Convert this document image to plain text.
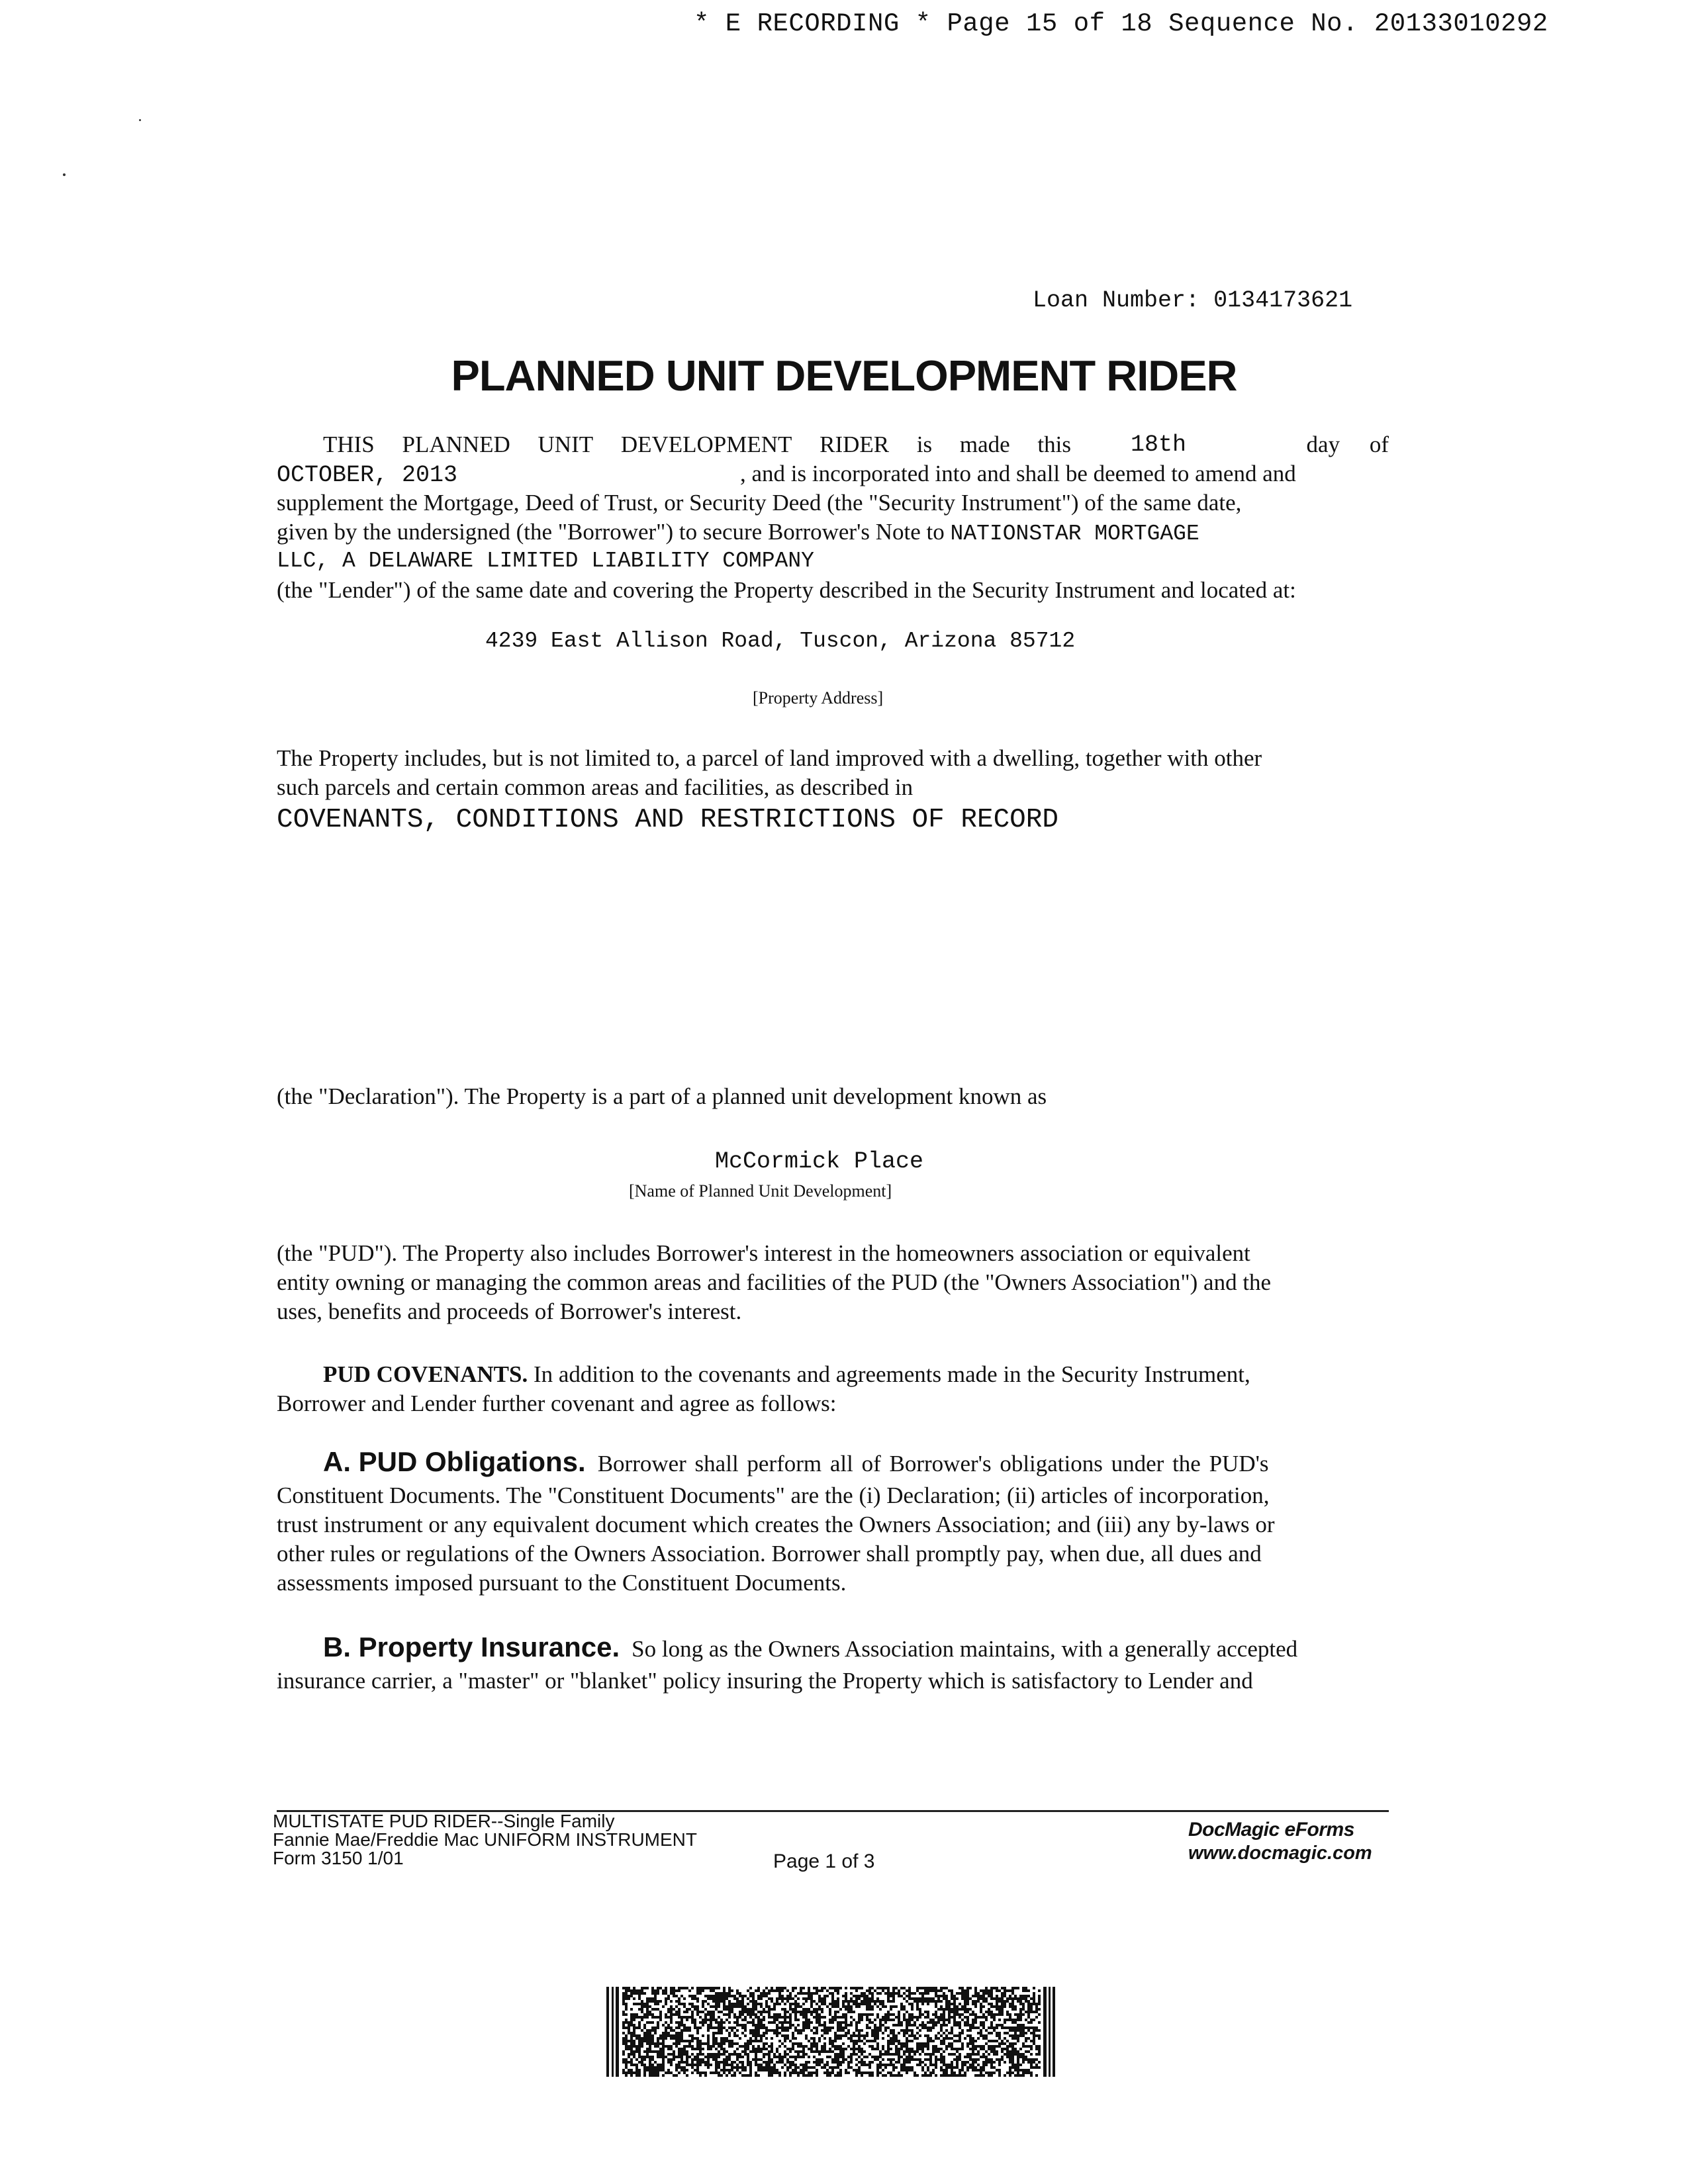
* E RECORDING * Page 15 of 18 Sequence No. 20133010292
Loan Number: 0134173621
PLANNED UNIT DEVELOPMENT RIDER
THIS PLANNED UNIT DEVELOPMENT RIDER is made this	18th	day of
OCTOBER, 2013	, and is incorporated into and shall be deemed to amend and
supplement the Mortgage, Deed of Trust, or Security Deed (the "Security Instrument") of the same date,
given by the undersigned (the "Borrower") to secure Borrower's Note to NATIONSTAR MORTGAGE
LLC, A DELAWARE LIMITED LIABILITY COMPANY
(the "Lender") of the same date and covering the Property described in the Security Instrument and located at:
4239 East Allison Road, Tuscon, Arizona 85712
[Property Address]
The Property includes, but is not limited to, a parcel of land improved with a dwelling, together with other
such parcels and certain common areas and facilities, as described in
COVENANTS, CONDITIONS AND RESTRICTIONS OF RECORD
(the "Declaration"). The Property is a part of a planned unit development known as
McCormick Place
[Name of Planned Unit Development]
(the "PUD"). The Property also includes Borrower's interest in the homeowners association or equivalent
entity owning or managing the common areas and facilities of the PUD (the "Owners Association") and the
uses, benefits and proceeds of Borrower's interest.
PUD COVENANTS. In addition to the covenants and agreements made in the Security Instrument,
Borrower and Lender further covenant and agree as follows:
A. PUD Obligations. Borrower shall perform all of Borrower's obligations under the PUD's
Constituent Documents. The "Constituent Documents" are the (i) Declaration; (ii) articles of incorporation,
trust instrument or any equivalent document which creates the Owners Association; and (iii) any by-laws or
other rules or regulations of the Owners Association. Borrower shall promptly pay, when due, all dues and
assessments imposed pursuant to the Constituent Documents.
B. Property Insurance. So long as the Owners Association maintains, with a generally accepted
insurance carrier, a "master" or "blanket" policy insuring the Property which is satisfactory to Lender and
MULTISTATE PUD RIDER--Single Family
Fannie Mae/Freddie Mac UNIFORM INSTRUMENT
Form 3150 1/01	Page 1 of 3
DocMagic eForms
www.docmagic.com
